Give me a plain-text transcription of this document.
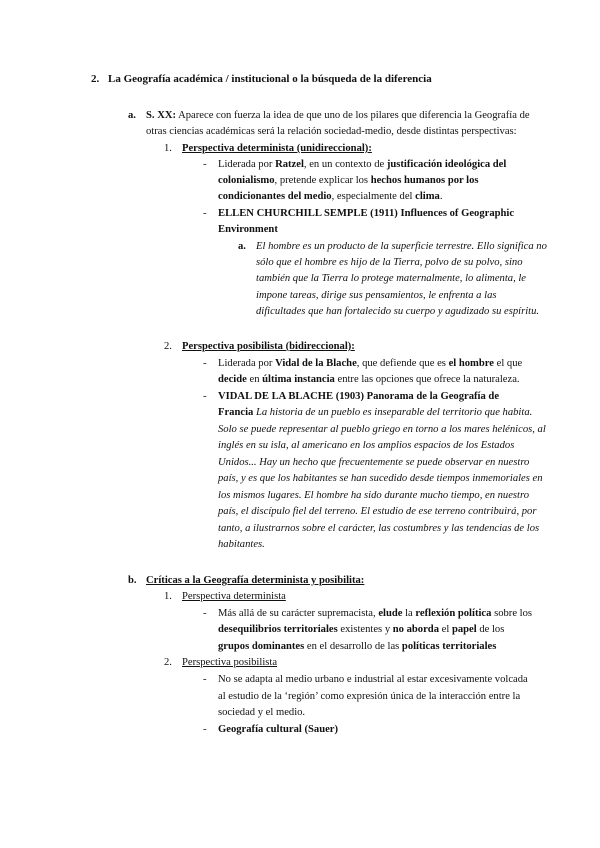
2. La Geografía académica / institucional o la búsqueda de la diferencia
a. S. XX: Aparece con fuerza la idea de que uno de los pilares que diferencia la Geografía de
otras ciencias académicas será la relación sociedad-medio, desde distintas perspectivas:
1. Perspectiva determinista (unidireccional):
- Liderada por Ratzel, en un contexto de justificación ideológica del
colonialismo, pretende explicar los hechos humanos por los
condicionantes del medio, especialmente del clima.
- ELLEN CHURCHILL SEMPLE (1911) Influences of Geographic
Environment
a. El hombre es un producto de la superficie terrestre. Ello significa no
sólo que el hombre es hijo de la Tierra, polvo de su polvo, sino
también que la Tierra lo protege maternalmente, lo alimenta, le
impone tareas, dirige sus pensamientos, le enfrenta a las
dificultades que han fortalecido su cuerpo y agudizado su espíritu.
2. Perspectiva posibilista (bidireccional):
- Liderada por Vidal de la Blache, que defiende que es el hombre el que
decide en última instancia entre las opciones que ofrece la naturaleza.
- VIDAL DE LA BLACHE (1903) Panorama de la Geografía de
Francia La historia de un pueblo es inseparable del territorio que habita.
Solo se puede representar al pueblo griego en torno a los mares helénicos, al
inglés en su isla, al americano en los amplios espacios de los Estados
Unidos... Hay un hecho que frecuentemente se puede observar en nuestro
país, y es que los habitantes se han sucedido desde tiempos inmemoriales en
los mismos lugares. El hombre ha sido durante mucho tiempo, en nuestro
país, el discípulo fiel del terreno. El estudio de ese terreno contribuirá, por
tanto, a ilustrarnos sobre el carácter, las costumbres y las tendencias de los
habitantes.
b. Críticas a la Geografía determinista y posibilita:
1. Perspectiva determinista
- Más allá de su carácter supremacista, elude la reflexión política sobre los
desequilibrios territoriales existentes y no aborda el papel de los
grupos dominantes en el desarrollo de las políticas territoriales
2. Perspectiva posibilista
- No se adapta al medio urbano e industrial al estar excesivamente volcada
al estudio de la ‘región’ como expresión única de la interacción entre la
sociedad y el medio.
- Geografía cultural (Sauer)
